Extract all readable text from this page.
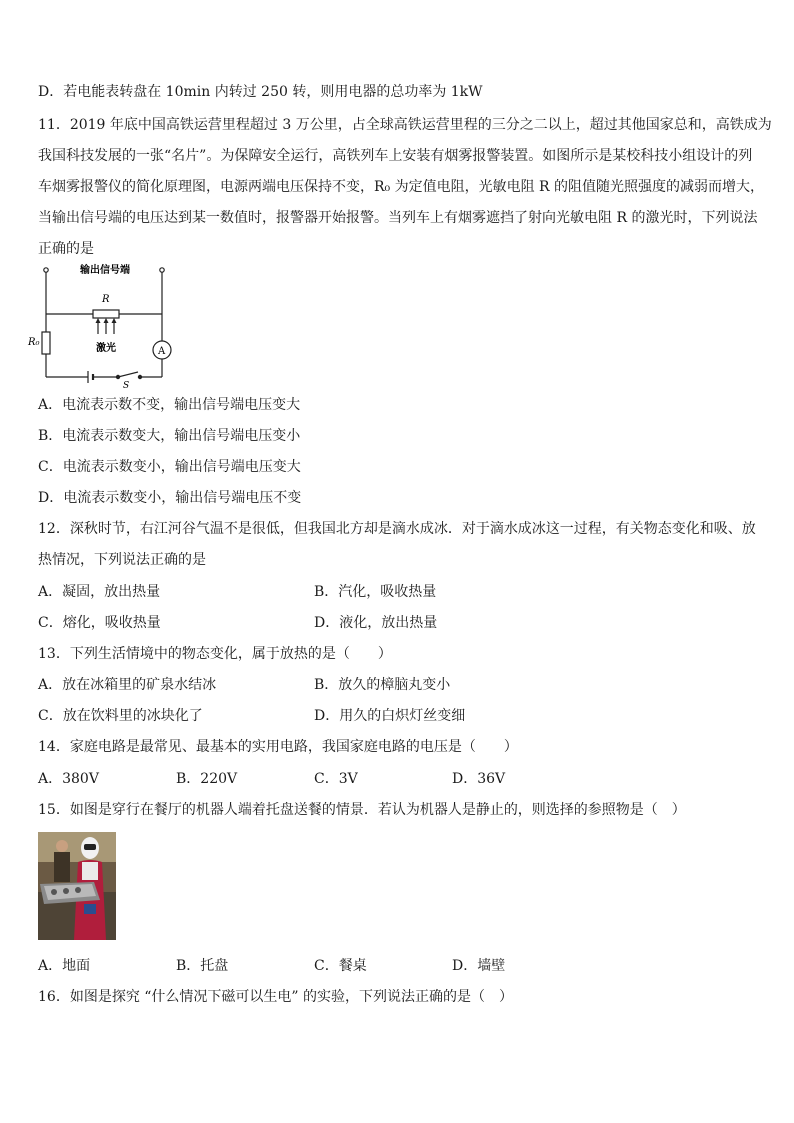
D．若电能表转盘在 10min 内转过 250 转，则用电器的总功率为 1kW
11．2019 年底中国高铁运营里程超过 3 万公里，占全球高铁运营里程的三分之二以上，超过其他国家总和，高铁成为
我国科技发展的一张“名片”。为保障安全运行，高铁列车上安装有烟雾报警装置。如图所示是某校科技小组设计的列
车烟雾报警仪的简化原理图，电源两端电压保持不变，R₀ 为定值电阻，光敏电阻 R 的阻值随光照强度的减弱而增大，
当输出信号端的电压达到某一数值时，报警器开始报警。当列车上有烟雾遮挡了射向光敏电阻 R 的激光时，下列说法
正确的是
输出信号端
R
R₀
激光	A
S
A．电流表示数不变，输出信号端电压变大
B．电流表示数变大，输出信号端电压变小
C．电流表示数变小，输出信号端电压变大
D．电流表示数变小，输出信号端电压不变
12．深秋时节，右江河谷气温不是很低，但我国北方却是滴水成冰．对于滴水成冰这一过程，有关物态变化和吸、放
热情况，下列说法正确的是
A．凝固，放出热量	B．汽化，吸收热量
C．熔化，吸收热量	D．液化，放出热量
13．下列生活情境中的物态变化，属于放热的是（　　）
A．放在冰箱里的矿泉水结冰	B．放久的樟脑丸变小
C．放在饮料里的冰块化了	D．用久的白炽灯丝变细
14．家庭电路是最常见、最基本的实用电路，我国家庭电路的电压是（　　）
A．380V	B．220V	C．3V	D．36V
15．如图是穿行在餐厅的机器人端着托盘送餐的情景．若认为机器人是静止的，则选择的参照物是（　）
A．地面	B．托盘	C．餐桌	D．墙壁
16．如图是探究 “什么情况下磁可以生电” 的实验，下列说法正确的是（　）
